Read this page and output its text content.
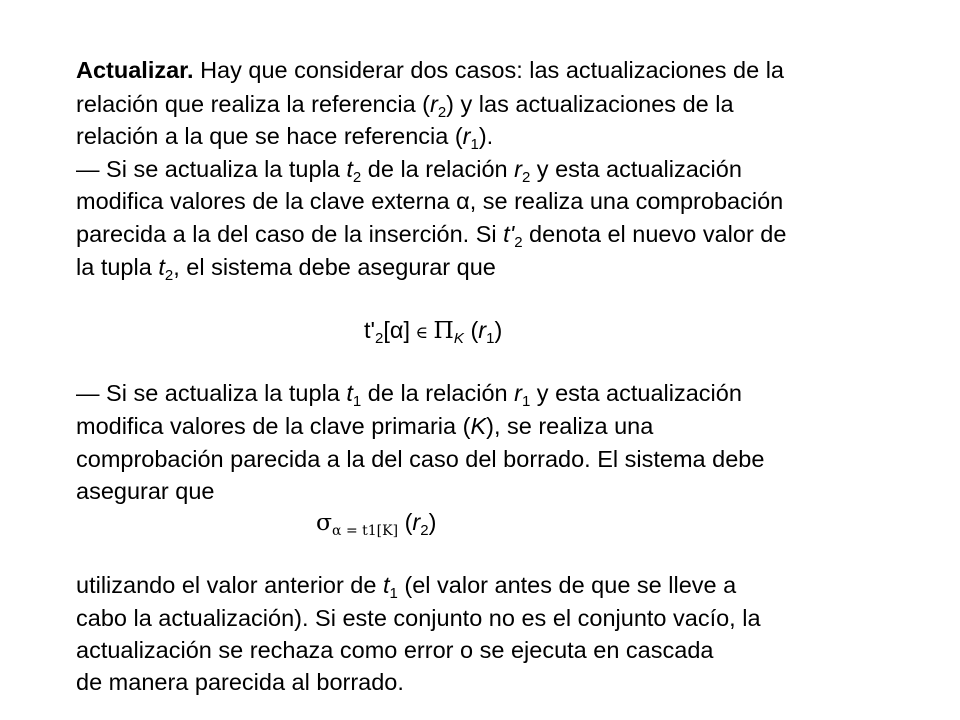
Actualizar. Hay que considerar dos casos: las actualizaciones de la
relación que realiza la referencia $(r_2)$ y las actualizaciones de la
relación a la que se hace referencia $(r_1)$.
— Si se actualiza la tupla $t_2$ de la relación $r_2$ y esta actualización
modifica valores de la clave externa α, se realiza una comprobación
parecida a la del caso de la inserción. Si $t'_2$ denota el nuevo valor de
la tupla $t_2$, el sistema debe asegurar que
$t'_2[\alpha]$ ∈ $\Pi_K$ $(r_1)$
— Si se actualiza la tupla $t_1$ de la relación $r_1$ y esta actualización
modifica valores de la clave primaria (K), se realiza una
comprobación parecida a la del caso del borrado. El sistema debe
asegurar que
$\sigma_{\alpha = t1[K]}$ $(r_2)$
utilizando el valor anterior de $t_1$ (el valor antes de que se lleve a
cabo la actualización). Si este conjunto no es el conjunto vacío, la
actualización se rechaza como error o se ejecuta en cascada
de manera parecida al borrado.
